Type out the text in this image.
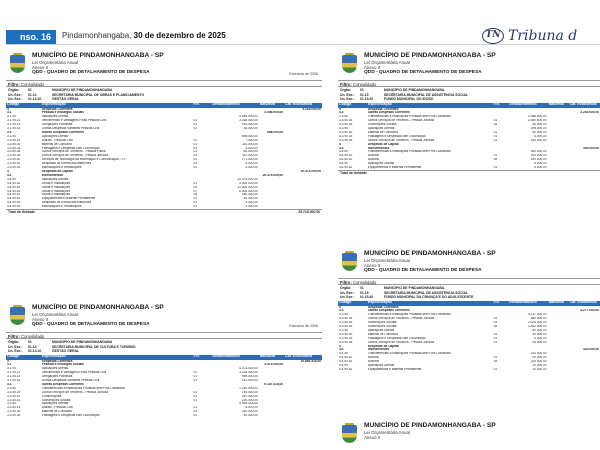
nso. 16	Pindamonhangaba, 30 de dezembro de 2025	TN Tribuna d
MUNICÍPIO DE PINDAMONHANGABA - SP
Lei Orçamentária Anual
Anexo II
QDD - QUADRO DE DETALHAMENTO DE DESPESA	Exercício de 2026
Filtro: Consolidado
Órgão:	01	MUNICÍPIO DE PINDAMONHANGABA
Un. Exe.:	01.13	SECRETARIA MUNICIPAL DE OBRAS E PLANEJAMENTO
Un. Exe.:	01.13.10	GESTÃO GERAL
Código	Especificação	F.R.	Desdobramento	Natureza	Cat. Econômica
3	Despesas Correntes				5.244.000,00
3.1	Pessoal e Encargos Sociais			4.546.000,00	
3.1.90	Aplicações Diretas		4.546.000,00		
3.1.90.11	Vencimentos e Vantagens Fixas Pessoal Civil	01	3.328.000,00		
3.1.90.13	Obrigações Patronais	01	978.000,00		
3.1.90.16	Outras Despesas Variáveis Pessoal Civil	01	54.000,00		
3.3	Outras Despesas Correntes			698.000,00	
3.3.90	Aplicações Diretas		698.000,00		
3.3.90.14	Diárias - Pessoal Civil	01	7.000,00		
3.3.90.30	Material de Consumo	01	110.000,00		
3.3.90.33	Passagens e Despesas com Locomoção	01	5.000,00		
3.3.90.36	Outros Serviços de Terceiros - Pessoa Física	01	80.000,00		
3.3.90.39	Outros Serviços de Terceiros - Pessoa Jurídica	01	312.000,00		
3.3.90.40	Serviços de Tecnologia da Informação e Comunicação - PJ	01	171.000,00		
3.3.90.92	Despesas de Exercícios Anteriores	01	5.000,00		
3.3.90.93	Indenizações e Restituições	01	3.000,00		
4	Despesas de Capital				20.474.000,00
4.4	Investimentos			20.474.000,00	
4.4.90	Aplicações Diretas		20.474.000,00		
4.4.90.51	Obras e Instalações	01	3.000.000,00		
4.4.90.51	Obras e Instalações	05	11.000.000,00		
4.4.90.51	Obras e Instalações	07	6.000.000,00		
4.4.90.51	Obras e Instalações	08	180.000,00		
4.4.90.52	Equipamentos e Material Permanente	01	40.000,00		
4.4.90.92	Despesas de Exercícios Anteriores	01	3.000,00		
4.4.90.93	Indenizações e Restituições	01	1.000,00		
Total da Unidade	25.718.000,00
MUNICÍPIO DE PINDAMONHANGABA - SP
Lei Orçamentária Anual
Anexo II
QDD - QUADRO DE DETALHAMENTO DE DESPESA	Exercício de 2026
Filtro: Consolidado
Órgão:	01	MUNICÍPIO DE PINDAMONHANGABA
Un. Exe.:	01.14	SECRETARIA MUNICIPAL DE CULTURA E TURISMO
Un. Exe.:	01.14.10	GESTÃO GERAL
Código	Especificação	F.R.	Desdobramento	Natureza	Cat. Econômica
3	Despesas Correntes				10.660.318,00
3.1	Pessoal e Encargos Sociais			4.473.000,00	
3.1.90	Aplicações Diretas		4.473.000,00		
3.1.90.11	Vencimentos e Vantagens Fixas Pessoal Civil	01	3.233.000,00		
3.1.90.13	Obrigações Patronais	01	999.000,00		
3.1.90.16	Outras Despesas Variáveis Pessoal Civil	01	241.000,00		
3.3	Outras Despesas Correntes			6.187.318,00	
3.3.50	Transferências a Instituições Privadas sem Fins Lucrativos		1.252.000,00		
3.3.50.39	Outros Serviços de Terceiros - Pessoa Jurídica	01	745.000,00		
3.3.50.41	Contribuições	01	287.000,00		
3.3.50.43	Subvenções Sociais	01	220.000,00		
3.3.90	Aplicações Diretas		4.935.318,00		
3.3.90.14	Diárias - Pessoal Civil	01	5.000,00		
3.3.90.30	Material de Consumo	01	320.000,00		
3.3.90.33	Passagens e Despesas com Locomoção	01	40.000,00		
MUNICÍPIO DE PINDAMONHANGABA - SP
Lei Orçamentária Anual
Anexo II
QDD - QUADRO DE DETALHAMENTO DE DESPESA
Filtro: Consolidado
Órgão:	01	MUNICÍPIO DE PINDAMONHANGABA
Un. Exe.:	01.15	SECRETARIA MUNICIPAL DE ASSISTÊNCIA SOCIAL
Un. Exe.:	01.15.20	FUNDO MUNICIPAL DO IDOSO
Código	Especificação	F.R.	Desdobramento	Natureza	Cat. Econômica
3	Despesas Correntes				
3.3	Outras Despesas Correntes				2.283.000,00
3.3.50	Transferências a Instituições Privadas sem Fins Lucrativos		2.088.000,00		
3.3.50.39	Outros Serviços de Terceiros - Pessoa Jurídica	01	2.050.000,00		
3.3.50.43	Subvenções Sociais	05	38.000,00		
3.3.90	Aplicações Diretas		195.000,00		
3.3.90.30	Material de Consumo	01	40.000,00		
3.3.90.33	Passagens e Despesas com Locomoção	01	5.000,00		
3.3.90.39	Outros Serviços de Terceiros - Pessoa Jurídica	01	150.000,00		
4	Despesas de Capital				
4.4	Investimentos				350.000,00
4.4.50	Transferências a Instituições Privadas sem Fins Lucrativos		350.000,00		
4.4.50.42	Auxílios	01	200.000,00		
4.4.50.42	Auxílios	05	150.000,00		
4.4.90	Aplicações Diretas		5.000,00		
4.4.90.52	Equipamentos e Material Permanente	01	5.000,00		
Total da Unidade
MUNICÍPIO DE PINDAMONHANGABA - SP
Lei Orçamentária Anual
Anexo II
QDD - QUADRO DE DETALHAMENTO DE DESPESA
Filtro: Consolidado
Órgão:	01	MUNICÍPIO DE PINDAMONHANGABA
Un. Exe.:	01.15	SECRETARIA MUNICIPAL DE ASSISTÊNCIA SOCIAL
Un. Exe.:	01.15.40	FUNDO MUNICIPAL DA CRIANÇA E DO ADOLESCENTE
Código	Especificação	F.R.	Desdobramento	Natureza	Cat. Econômica
3	Despesas Correntes				
3.3	Outras Despesas Correntes				4.277.000,00
3.3.50	Transferências a Instituições Privadas sem Fins Lucrativos		4.217.000,00		
3.3.50.39	Outros Serviços de Terceiros - Pessoa Jurídica	01	360.000,00		
3.3.50.43	Subvenções Sociais	01	2.025.000,00		
3.3.50.43	Subvenções Sociais	05	1.832.000,00		
3.3.90	Aplicações Diretas		60.000,00		
3.3.90.30	Material de Consumo	01	30.000,00		
3.3.90.33	Passagens e Despesas com Locomoção	01	5.000,00		
3.3.90.39	Outros Serviços de Terceiros - Pessoa Jurídica	01	25.000,00		
4	Despesas de Capital				
4.4	Investimentos				320.000,00
4.4.50	Transferências a Instituições Privadas sem Fins Lucrativos		310.000,00		
4.4.50.42	Auxílios	01	90.000,00		
4.4.50.42	Auxílios	05	220.000,00		
4.4.90	Aplicações Diretas		10.000,00		
4.4.90.52	Equipamentos e Material Permanente	01	10.000,00		
MUNICÍPIO DE PINDAMONHANGABA - SP
Lei Orçamentária Anual
Anexo II
